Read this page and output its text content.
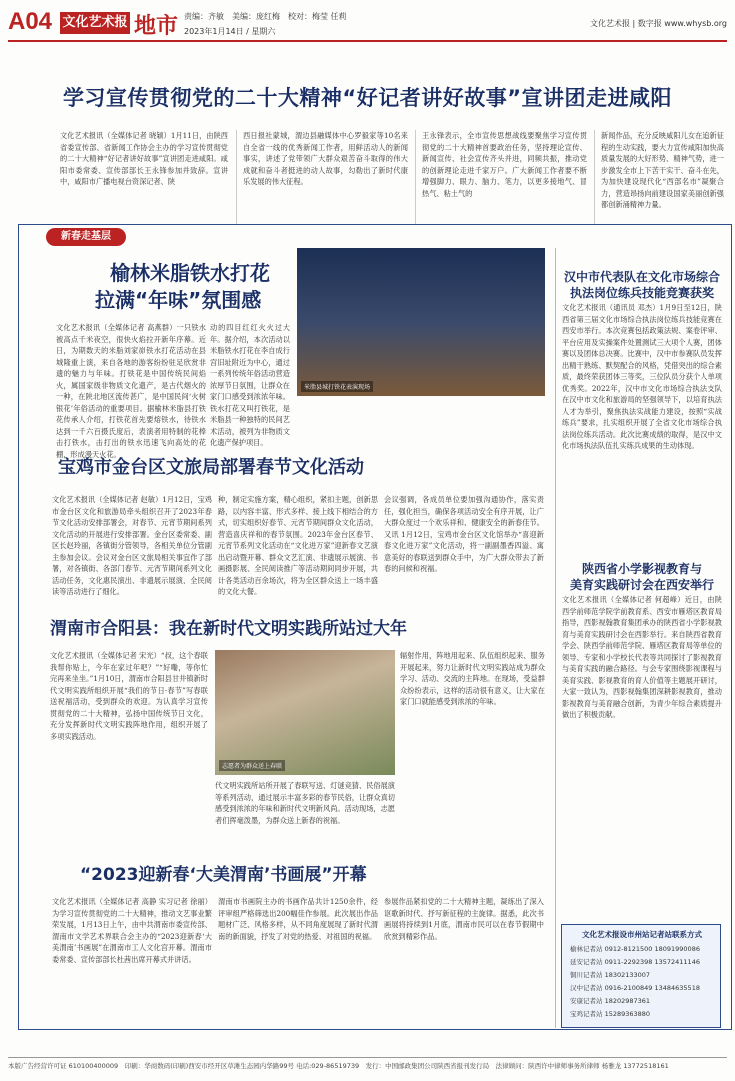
A04 文化艺术报 地市 责编：齐敏　美编：庞红梅　校对：梅莹 任莉
2023年1月14日 / 星期六
文化艺术报 | 数字报 www.whysb.org
学习宣传贯彻党的二十大精神“好记者讲好故事”宣讲团走进咸阳
文化艺术报讯（全媒体记者 晓颖）1月11日，由陕西省委宣传部、省新闻工作协会主办的学习宣传贯彻党的二十大精神“好记者讲好故事”宣讲团走进咸阳。咸阳市委常委、宣传部部长王永锋参加并致辞。宣讲中，咸阳市广播电视台资深记者、陕
西日报社蒙城，渭边县融媒体中心罗毅家等10名来自全省一线的优秀新闻工作者，用鲜活动人的新闻事实，讲述了党带领广大群众艰苦奋斗取得的伟大成就和奋斗者挺进的动人故事，勾勒出了新时代康乐发展的伟大征程。
王永锋表示，全市宣传思想战线要聚焦学习宣传贯彻党的二十大精神首要政治任务，坚持理论宣传、新闻宣传、社会宣传齐头并进，同频共振，推动党的创新理论走进千家万户。广大新闻工作者要不断增强脚力、眼力、脑力、笔力，以更多接地气、冒热气、粘土气的
新闻作品，充分反映咸阳儿女在追新征程的生动实践，要大力宣传咸阳加快高质量发展的大好形势、精神气势，进一步激发全市上下苦干实干、奋斗在先，为加快建设现代化“西部名市”凝聚合力，营造昂扬向前建设国家美丽创新强都创新涌精神力量。
新春走基层
榆林米脂铁水打花
拉满“年味”氛围感
文化艺术报讯（全媒体记者 高燕群）一只铁水被高点千米夜空，很快火焰拉开新年序幕。近日，为期数天的米脂刘家峁铁水打花活动在县城隆重上演，来自各地的游客纷纷驻足欣赏非遗的魅力与年味。打铁花是中国传统民间焰火，属国家级非物质文化遗产，是古代烟火的一种，在陕北地区流传甚广，是中国民间‘火树银花’年俗活动的重要项目。据榆林米脂县打铁花传承人介绍，打铁花首先要熔铁水，待铁水达到一千六百摄氏度后，表演者用特制的花棒击打铁水，击打出的铁水迅速飞向高处的花棚，形成漫天火花。
动的四目红红火火过大年。据介绍，本次活动以米脂铁水打花在李自成行宫旧址附近为中心，通过一系列传统年俗活动营造浓厚节日氛围，让群众在家门口感受到浓浓年味。铁水打花又叫打铁花，是米脂县一种独特的民间艺术活动，被列为非物质文化遗产保护项目。
米脂县城打铁花表演现场
宝鸡市金台区文旅局部署春节文化活动
文化艺术报讯（全媒体记者 赵敏）1月12日，宝鸡市金台区文化和旅游局牵头组织召开了2023年春节文化活动安排部署会，对春节、元宵节期间系列文化活动的开展进行安排部署。金台区委常委、副区长赵玲丽，各镇街分管领导，各相关单位分管副主参加会议。会议对金台区文旅局相关事宜作了部署，对各镇街、各部门春节、元宵节期间系列文化活动任务，文化惠民演出、非遗展示展演、全民阅读等活动进行了细化。
种，制定实施方案，精心组织，紧扣主题，创新思路，以内容丰富、形式多样、接上线下相结合的方式，切实组织好春节、元宵节期间群众文化活动，营造喜庆祥和的春节氛围。2023年金台区春节、元宵节系列文化活动在“文化进万家”迎新春文艺演出启动暨开幕、群众文艺汇演、非遗展示展演、书画摄影展、全民阅读推广等活动期间同步开展，共计各类活动百余场次，将为全区群众送上一场丰盛的文化大餐。
会议强调，各成员单位要加强沟通协作，落实责任，强化担当，确保各项活动安全有序开展，让广大群众度过一个欢乐祥和、健康安全的新春佳节。又讯 1月12日，宝鸡市金台区文化馆举办“喜迎新春文化进万家”文化活动，将一副副墨香四溢、寓意美好的春联送到群众手中，为广大群众带去了新春的问候和祝福。
渭南市合阳县：我在新时代文明实践所站过大年
文化艺术报讯（全媒体记者 宋光）“叔，这个春联我帮你贴上，今年在家过年吧？”“好嘞，等你忙完再来坐坐。”1月10日，渭南市合阳县甘井镇新时代文明实践所组织开展“我们的节日·春节”写春联送祝福活动，受到群众的欢迎。为认真学习宣传贯彻党的二十大精神，弘扬中国传统节日文化，充分发挥新时代文明实践阵地作用，组织开展了多项实践活动。
志愿者为群众送上春联
代文明实践所站所开展了春联写送、灯谜竞猜、民俗展演等系列活动，通过展示丰富多彩的春节民俗，让群众真切感受到浓浓的年味和新时代文明新风尚。活动现场，志愿者们挥毫泼墨，为群众送上新春的祝福。
辐射作用，阵地用起来、队伍组织起来、服务开展起来，努力让新时代文明实践站成为群众学习、活动、交流的主阵地。在现场，受益群众纷纷表示，这样的活动很有意义，让大家在家门口就能感受到浓浓的年味。
“2023迎新春‘大美渭南’书画展”开幕
文化艺术报讯（全媒体记者 高静 实习记者 徐丽）为学习宣传贯彻党的二十大精神，推动文艺事业繁荣发展，1月13日上午，由中共渭南市委宣传部、渭南市文学艺术界联合会主办的“2023迎新春‘大美渭南’书画展”在渭南市工人文化宫开幕。渭南市委常委、宣传部部长杜茜出席开幕式并讲话。
渭南市书画院主办的书画作品共计1250余件，经评审组严格筛选出200幅佳作参展。此次展出作品题材广泛、风格多样，从不同角度展现了新时代渭南的新面貌，抒发了对党的热爱、对祖国的祝福。
参展作品紧扣党的二十大精神主题，凝练出了深入讴歌新时代、抒写新征程的主旋律。据悉，此次书画展将持续到1月底，渭南市民可以在春节假期中欣赏到精彩作品。
汉中市代表队在文化市场综合
执法岗位练兵技能竞赛获奖
文化艺术报讯（通讯员 邓杰）1月9日至12日，陕西省第三届文化市场综合执法岗位练兵技能竞赛在西安市举行。本次竞赛包括政策法规、案卷评审、平台应用及实操案件处置测试三大项个人赛，团体赛以及团体总决赛。比赛中，汉中市参赛队员发挥出精干熟练、默契配合的风格，凭借突出的综合素质，最终荣获团体三等奖，三位队员分获个人单项优秀奖。2022年，汉中市文化市场综合执法支队在汉中市文化和旅游局的坚强领导下，以培育执法人才为举引，聚焦执法实战能力建设，按照“实战练兵”要求，扎实组织开展了全省文化市场综合执法岗位练兵活动。此次比赛成绩的取得，是汉中文化市场执法队伍扎实练兵成果的生动体现。
陕西省小学影视教育与
美育实践研讨会在西安举行
文化艺术报讯（全媒体记者 何超峰）近日，由陕西学前师范学院学前教育系、西安市雁塔区教育局指导，西影视翰教育集团承办的陕西省小学影视教育与美育实践研讨会在西影举行。来自陕西省教育学会、陕西学前师范学院、雁塔区教育局等单位的领导、专家和小学校长代表等共同探讨了影视教育与美育实践的融合路径。与会专家围绕影视课程与美育实践、影视教育的育人价值等主题展开研讨，大家一致认为，西影视翰集团深耕影视教育，推动影视教育与美育融合创新，为青少年综合素质提升做出了积极贡献。
文化艺术报设市州站记者站联系方式
榆林记者站 0912-8121500 18091990086
延安记者站 0911-2292398 13572411146
铜川记者站 18302133007
汉中记者站 0916-2100849 13484635518
安康记者站 18202987361
宝鸡记者站 15289363880
本版广告经营许可证 610100400009　印刷：华商数码(印刷)西安市经开区草滩生态园内华路99号 电话:029-86519739　发行：中国邮政集团公司陕西省报刊发行局　法律顾问：陕西许中律师事务所律师 杨雅龙 13772518161
